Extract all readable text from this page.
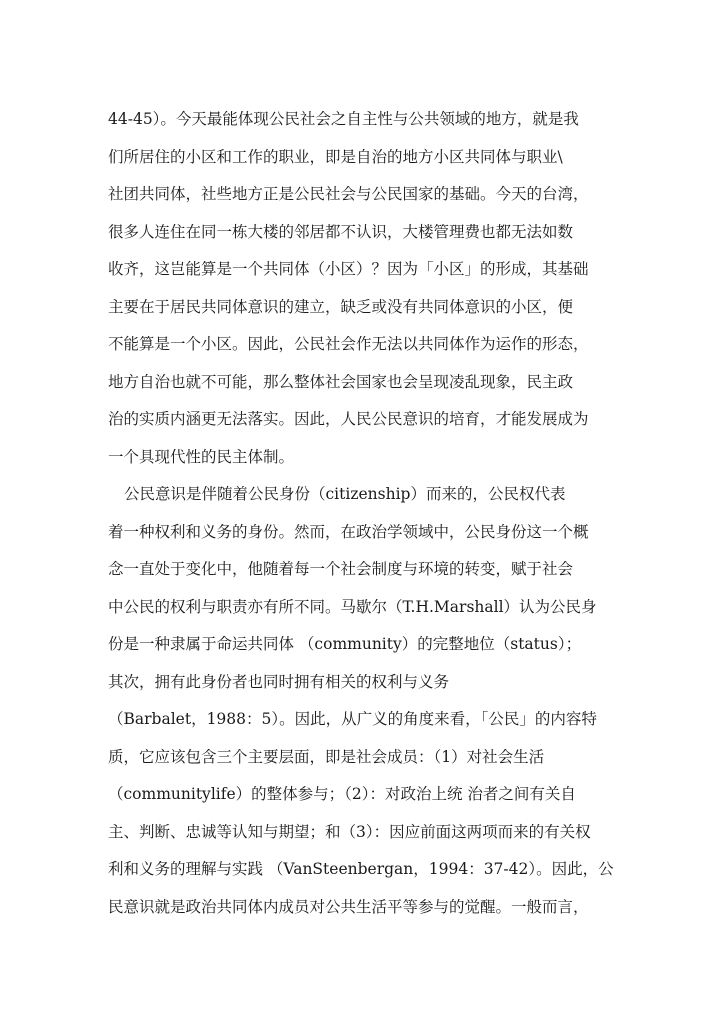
44-45）。今天最能体现公民社会之自主性与公共领域的地方，就是我
们所居住的小区和工作的职业，即是自治的地方小区共同体与职业\
社团共同体，社些地方正是公民社会与公民国家的基础。今天的台湾，
很多人连住在同一栋大楼的邻居都不认识，大楼管理费也都无法如数
收齐，这岂能算是一个共同体（小区）？因为「小区」的形成，其基础
主要在于居民共同体意识的建立，缺乏或没有共同体意识的小区，便
不能算是一个小区。因此，公民社会作无法以共同体作为运作的形态，
地方自治也就不可能，那么整体社会国家也会呈现凌乱现象，民主政
治的实质内涵更无法落实。因此，人民公民意识的培育，才能发展成为
一个具现代性的民主体制。
公民意识是伴随着公民身份（citizenship）而来的，公民权代表
着一种权利和义务的身份。然而，在政治学领域中，公民身份这一个概
念一直处于变化中，他随着每一个社会制度与环境的转变，赋于社会
中公民的权利与职责亦有所不同。马歇尔（T.H.Marshall）认为公民身
份是一种隶属于命运共同体 （community）的完整地位（status）；
其次，拥有此身份者也同时拥有相关的权利与义务
（Barbalet，1988：5）。因此，从广义的角度来看，「公民」的内容特
质，它应该包含三个主要层面，即是社会成员：（1）对社会生活
（communitylife）的整体参与；（2）：对政治上统 治者之间有关自
主、判断、忠诚等认知与期望；和（3）：因应前面这两项而来的有关权
利和义务的理解与实践 （VanSteenbergan，1994：37-42）。因此，公
民意识就是政治共同体内成员对公共生活平等参与的觉醒。一般而言，
